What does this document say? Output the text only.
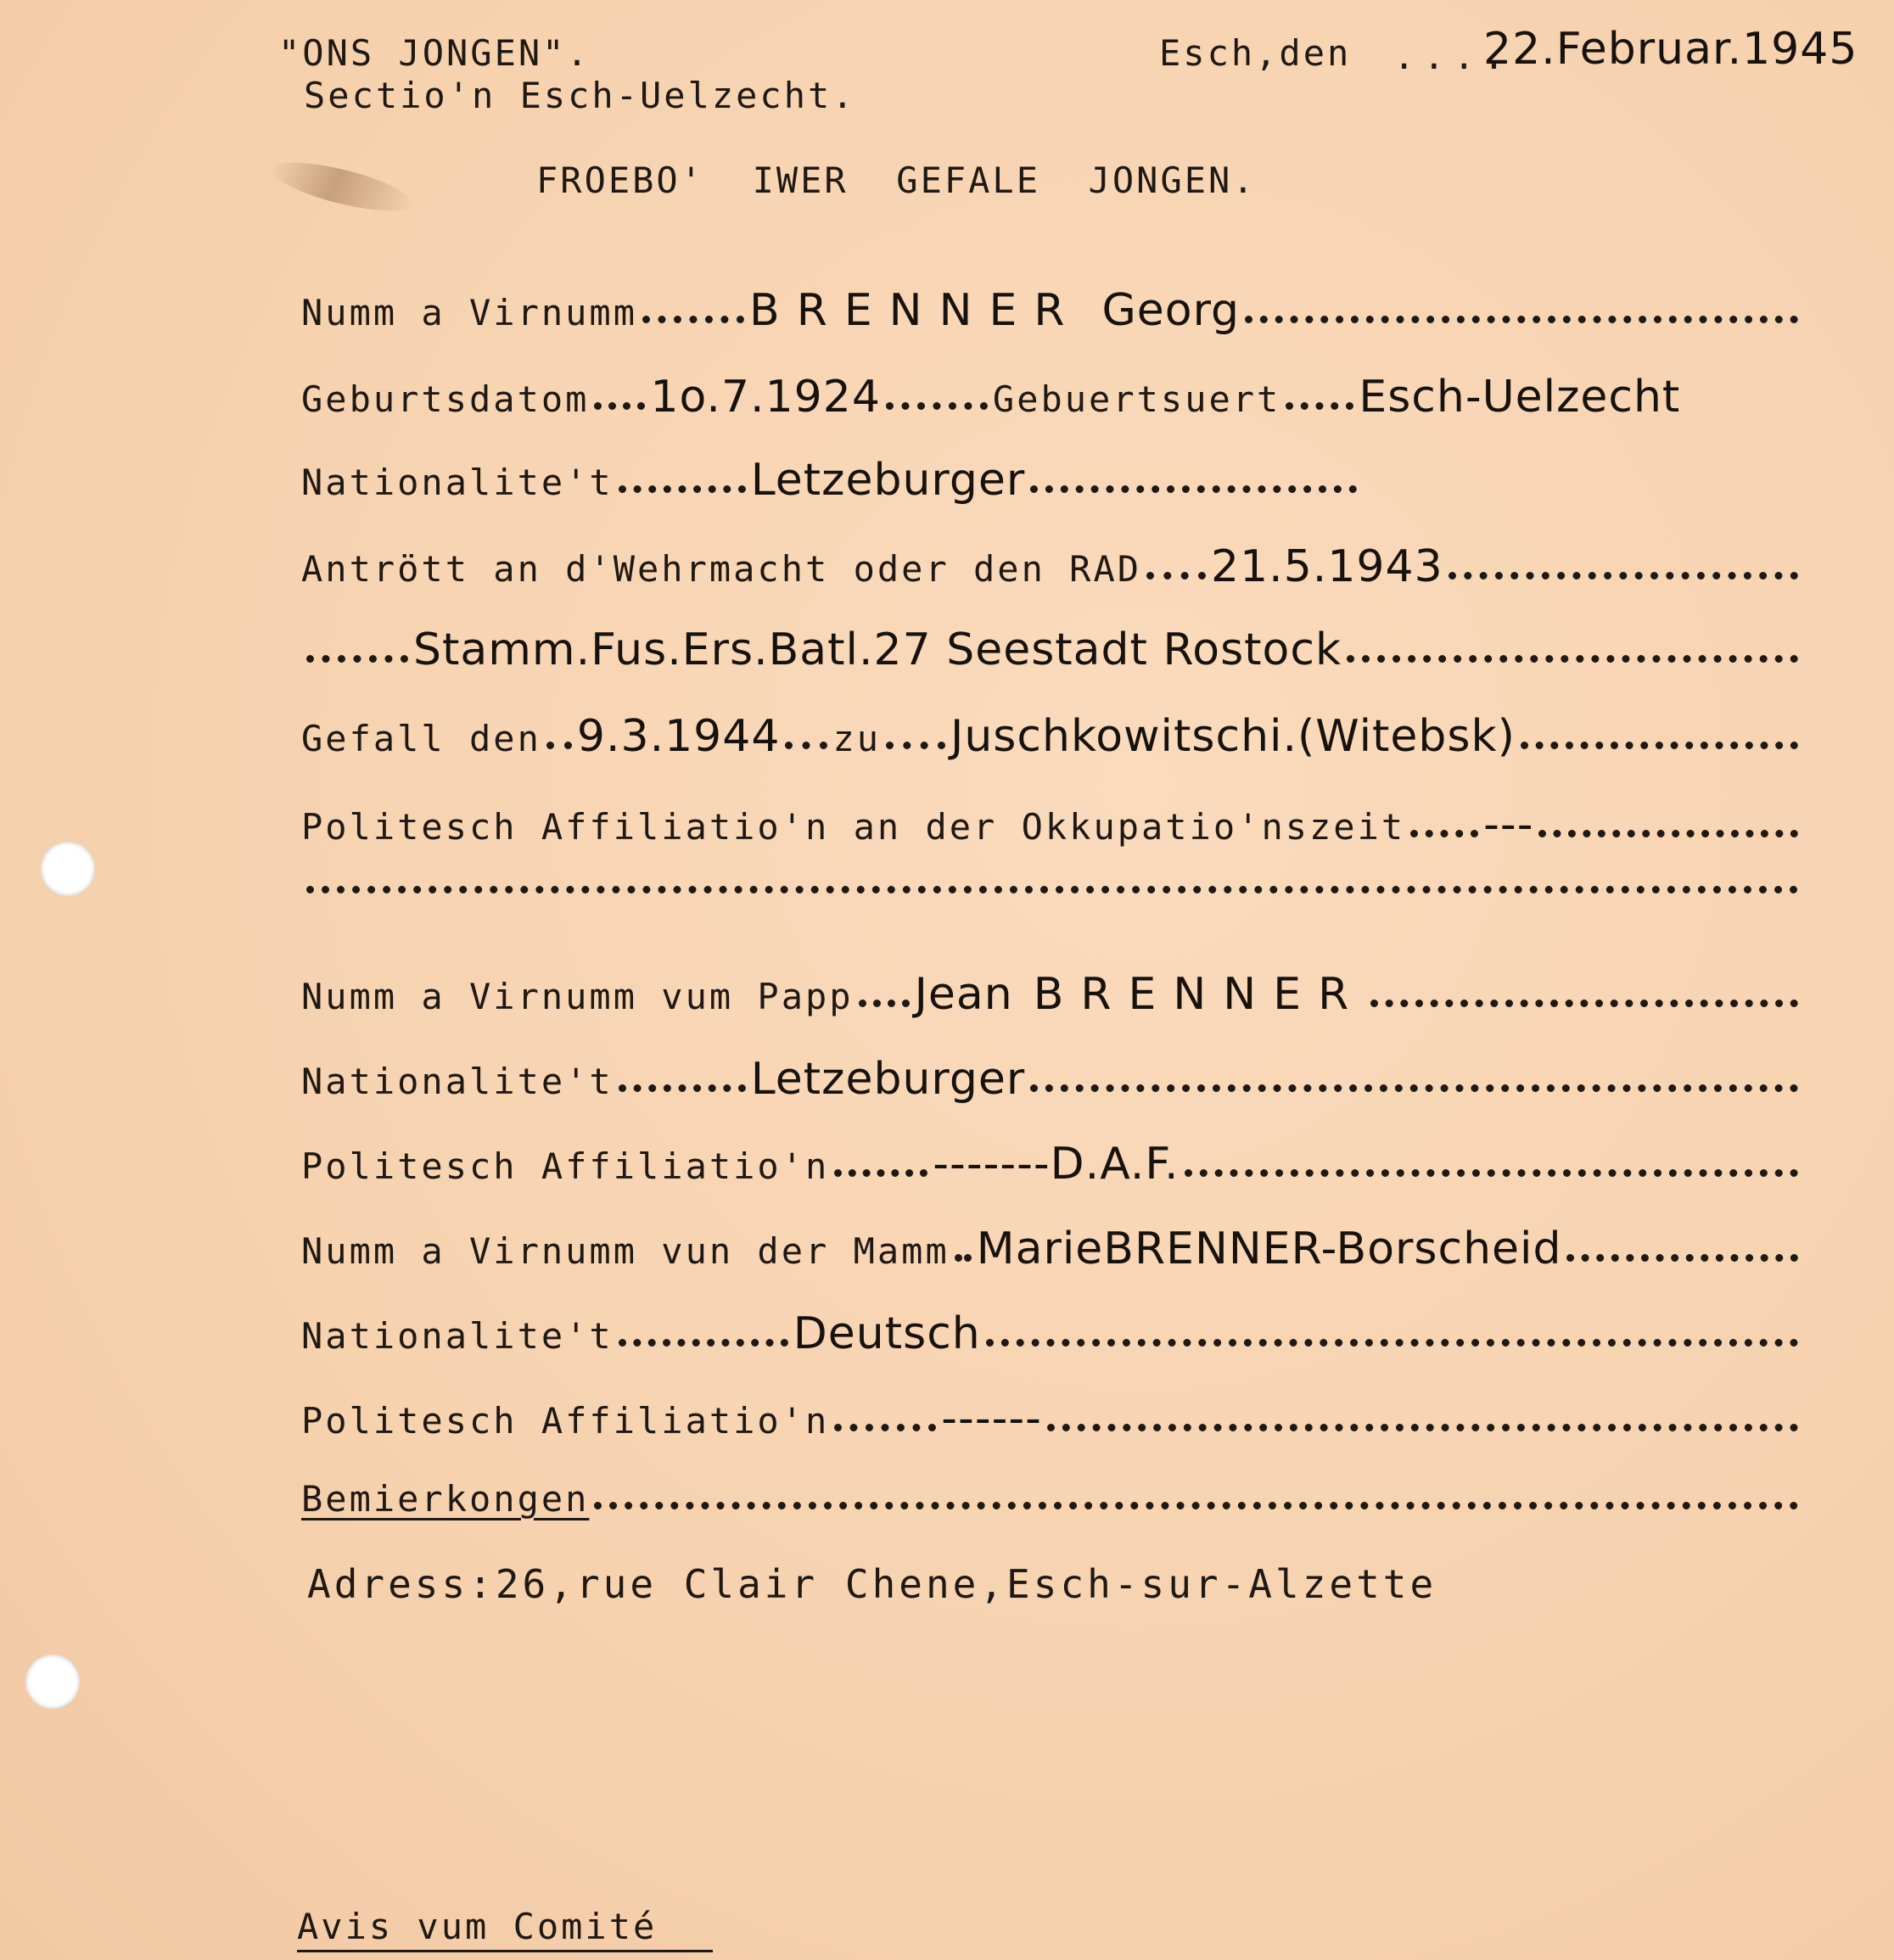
"ONS JONGEN".
Sectio'n Esch-Uelzecht.
Esch,den ....
22.Februar.1945
FROEBO'  IWER  GEFALE  JONGEN.
Numm a Virnumm	BRENNER Georg
Geburtsdatom 1o.7.1924	Gebuertsuert Esch-Uelzecht
Nationalite't	Letzeburger
Antrött an d'Wehrmacht oder den RAD 21.5.1943
Stamm.Fus.Ers.Batl.27 Seestadt Rostock
Gefall den 9.3.1944 zu Juschkowitschi.(Witebsk)
Politesch Affiliatio'n an der Okkupatio'nszeit ---
Numm a Virnumm vum Papp Jean BRENNER
Nationalite't	Letzeburger
Politesch Affiliatio'n -------D.A.F.
Numm a Virnumm vun der Mamm MarieBRENNER-Borscheid
Nationalite't	Deutsch
Politesch Affiliatio'n	------
Bemierkongen
Adress:26,rue Clair Chene,Esch-sur-Alzette
Avis vum Comité
